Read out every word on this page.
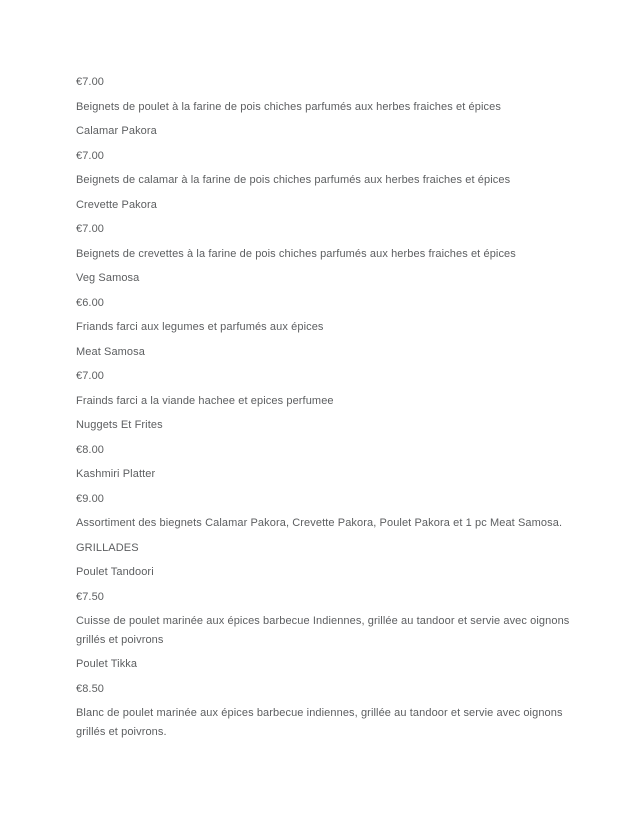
€7.00

Beignets de poulet à la farine de pois chiches parfumés aux herbes fraiches et épices

Calamar Pakora

€7.00

Beignets de calamar à la farine de pois chiches parfumés aux herbes fraiches et épices

Crevette Pakora

€7.00

Beignets de crevettes à la farine de pois chiches parfumés aux herbes fraiches et épices

Veg Samosa

€6.00

Friands farci aux legumes et parfumés aux épices

Meat Samosa

€7.00

Frainds farci a la viande hachee et epices perfumee

Nuggets Et Frites

€8.00

Kashmiri Platter

€9.00

Assortiment des biegnets Calamar Pakora, Crevette Pakora, Poulet Pakora et 1 pc Meat Samosa.

GRILLADES

Poulet Tandoori

€7.50

Cuisse de poulet marinée aux épices barbecue Indiennes, grillée au tandoor et servie avec oignons grillés et poivrons

Poulet Tikka

€8.50

Blanc de poulet marinée aux épices barbecue indiennes, grillée au tandoor et servie avec oignons grillés et poivrons.
